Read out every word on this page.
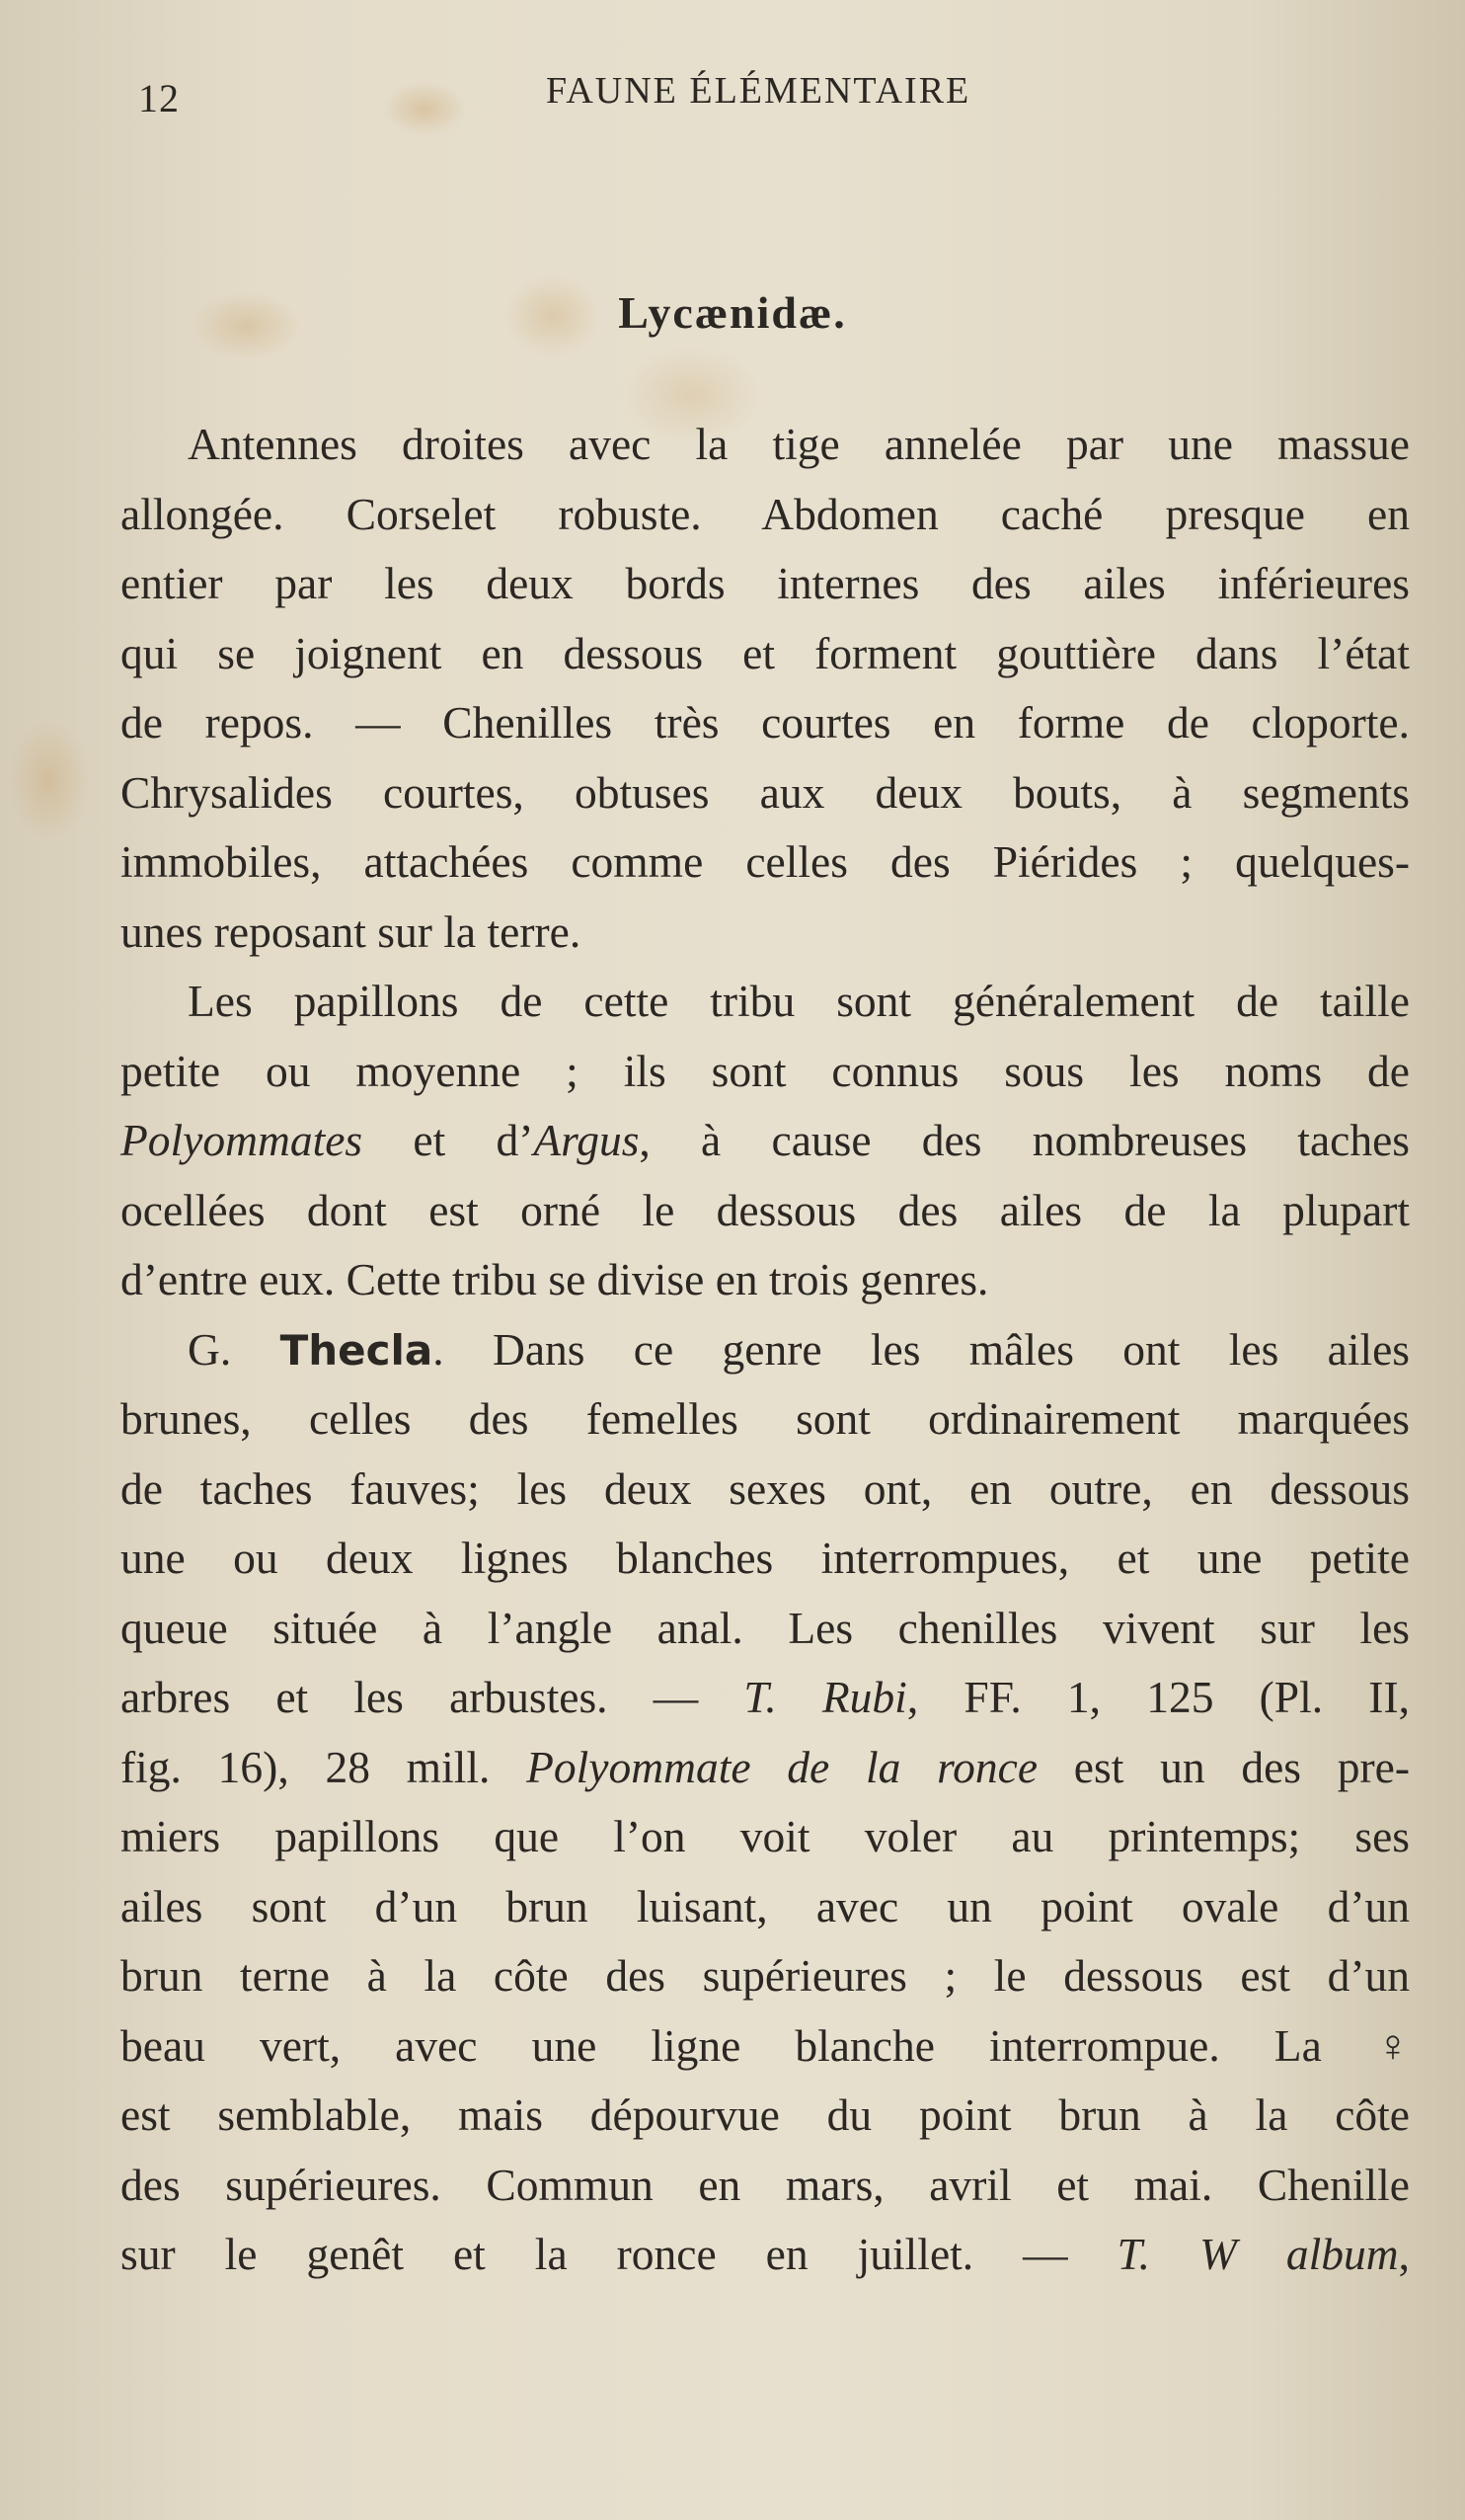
12	FAUNE ÉLÉMENTAIRE
Lycænidæ.
Antennes droites avec la tige annelée par une massue
allongée. Corselet robuste. Abdomen caché presque en
entier par les deux bords internes des ailes inférieures
qui se joignent en dessous et forment gouttière dans l’état
de repos. — Chenilles très courtes en forme de cloporte.
Chrysalides courtes, obtuses aux deux bouts, à segments
immobiles, attachées comme celles des Piérides ; quelques-
unes reposant sur la terre.
Les papillons de cette tribu sont généralement de taille
petite ou moyenne ; ils sont connus sous les noms de
Polyommates et d’Argus, à cause des nombreuses taches
ocellées dont est orné le dessous des ailes de la plupart
d’entre eux. Cette tribu se divise en trois genres.
G. Thecla. Dans ce genre les mâles ont les ailes
brunes, celles des femelles sont ordinairement marquées
de taches fauves; les deux sexes ont, en outre, en dessous
une ou deux lignes blanches interrompues, et une petite
queue située à l’angle anal. Les chenilles vivent sur les
arbres et les arbustes. — T. Rubi, FF. 1, 125 (Pl. II,
fig. 16), 28 mill. Polyommate de la ronce est un des pre-
miers papillons que l’on voit voler au printemps; ses
ailes sont d’un brun luisant, avec un point ovale d’un
brun terne à la côte des supérieures ; le dessous est d’un
beau vert, avec une ligne blanche interrompue. La ♀
est semblable, mais dépourvue du point brun à la côte
des supérieures. Commun en mars, avril et mai. Chenille
sur le genêt et la ronce en juillet. — T. W album,
